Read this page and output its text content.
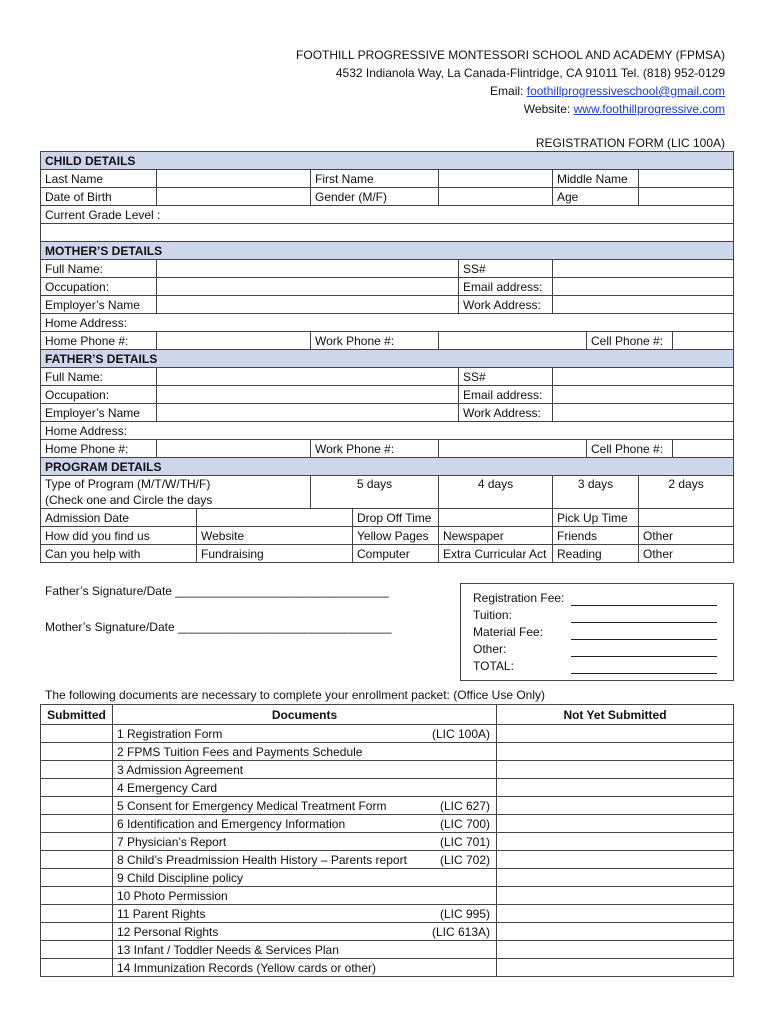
FOOTHILL PROGRESSIVE MONTESSORI SCHOOL AND ACADEMY (FPMSA)
4532 Indianola Way, La Canada-Flintridge, CA 91011 Tel. (818) 952-0129
Email: foothillprogressiveschool@gmail.com
Website: www.foothillprogressive.com
REGISTRATION FORM (LIC 100A)
CHILD DETAILS										
Last Name			First Name				Middle Name			
Date of Birth			Gender (M/F)				Age			
Current Grade Level :										

MOTHER’S DETAILS										
Full Name:						SS#				
Occupation:						Email address:				
Employer’s Name						Work Address:				
Home Address:										
Home Phone #:			Work Phone #:					Cell Phone #:		
FATHER’S DETAILS										
Full Name:						SS#				
Occupation:						Email address:				
Employer’s Name						Work Address:				
Home Address:										
Home Phone #:			Work Phone #:					Cell Phone #:		
PROGRAM DETAILS										

Type of Program (M/T/W/TH/F)
(Check one and Circle the days			5 days		4 days		3 days		2 days	

Admission Date				Drop Off Time			Pick Up Time			
How did you find us		Website		Yellow Pages	Newspaper		Friends		Other	
Can you help with		Fundraising		Computer	Extra Curricular Act		Reading		Other	
Father’s Signature/Date ________________________________
Mother’s Signature/Date ________________________________
Registration Fee:
Tuition:
Material Fee:
Other:
TOTAL:
The following documents are necessary to complete your enrollment packet: (Office Use Only)
Submitted	Documents	Not Yet Submitted
	1 Registration Form (LIC 100A)	

	2 FPMS Tuition Fees and Payments Schedule	
	3 Admission Agreement	
	4 Emergency Card	
	5 Consent for Emergency Medical Treatment Form (LIC 627)	

	6 Identification and Emergency Information (LIC 700)	

	7 Physician’s Report (LIC 701)	

	8 Child’s Preadmission Health History – Parents report (LIC 702)	

	9 Child Discipline policy	
	10 Photo Permission	
	11 Parent Rights (LIC 995)	

	12 Personal Rights (LIC 613A)	

	13 Infant / Toddler Needs & Services Plan	
	14 Immunization Records (Yellow cards or other)	
